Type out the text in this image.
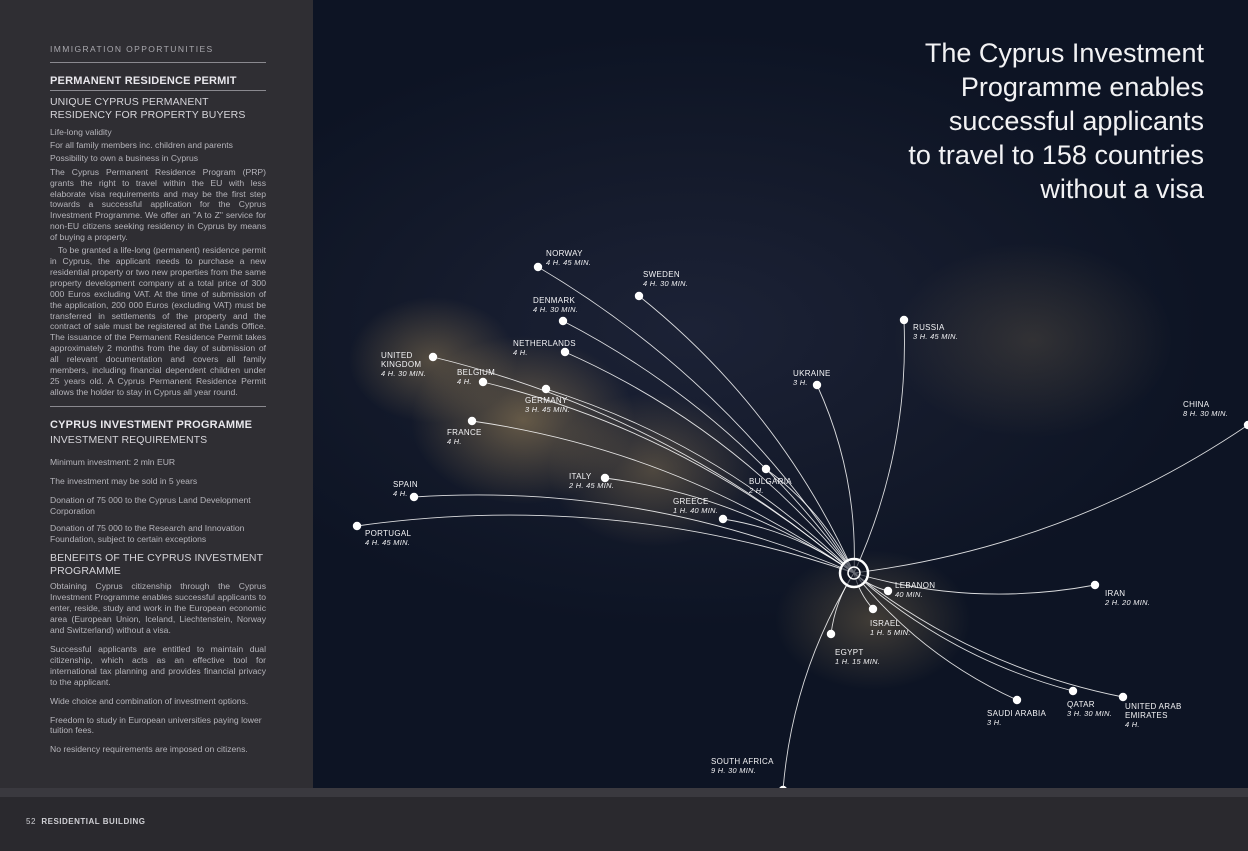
IMMIGRATION OPPORTUNITIES
PERMANENT RESIDENCE PERMIT
UNIQUE CYPRUS PERMANENT RESIDENCY FOR PROPERTY BUYERS
Life-long validity
For all family members inc. children and parents
Possibility to own a business in Cyprus
The Cyprus Permanent Residence Program (PRP) grants the right to travel within the EU with less elaborate visa requirements and may be the first step towards a successful application for the Cyprus Investment Programme. We offer an "A to Z" service for non-EU citizens seeking residency in Cyprus by means of buying a property.
To be granted a life-long (permanent) residence permit in Cyprus, the applicant needs to purchase a new residential property or two new properties from the same property development company at a total price of 300 000 Euros excluding VAT. At the time of submission of the application, 200 000 Euros (excluding VAT) must be transferred in settlements of the property and the contract of sale must be registered at the Lands Office. The issuance of the Permanent Residence Permit takes approximately 2 months from the day of submission of all relevant documentation and covers all family members, including financial dependent children under 25 years old. A Cyprus Permanent Residence Permit allows the holder to stay in Cyprus all year round.
CYPRUS INVESTMENT PROGRAMME
INVESTMENT REQUIREMENTS
Minimum investment: 2 mln EUR
The investment may be sold in 5 years
Donation of 75 000 to the Cyprus Land Development Corporation
Donation of 75 000 to the Research and Innovation Foundation, subject to certain exceptions
BENEFITS OF THE CYPRUS INVESTMENT PROGRAMME
Obtaining Cyprus citizenship through the Cyprus Investment Programme enables successful applicants to enter, reside, study and work in the European economic area (European Union, Iceland, Liechtenstein, Norway and Switzerland) without a visa.
Successful applicants are entitled to maintain dual citizenship, which acts as an effective tool for international tax planning and provides financial privacy to the applicant.
Wide choice and combination of investment options.
Freedom to study in European universities paying lower tuition fees.
No residency requirements are imposed on citizens.
The Cyprus Investment
Programme enables
successful applicants
to travel to 158 countries
without a visa
NORWAY
4 H. 45 MIN.
SWEDEN
4 H. 30 MIN.
DENMARK
4 H. 30 MIN.
NETHERLANDS
4 H.
UNITED
KINGDOM
4 H. 30 MIN.	BELGIUM
4 H.
GERMANY
3 H. 45 MIN.
FRANCE
4 H.
SPAIN
4 H.
PORTUGAL
4 H. 45 MIN.
ITALY
2 H. 45 MIN.
GREECE
1 H. 40 MIN.
BULGARIA
2 H.
UKRAINE
3 H.
RUSSIA
3 H. 45 MIN.
CHINA
8 H. 30 MIN.
IRAN
2 H. 20 MIN.
LEBANON
40 MIN.
ISRAEL
1 H. 5 MIN.
EGYPT
1 H. 15 MIN.
SAUDI ARABIA
3 H.
QATAR
3 H. 30 MIN.
UNITED ARAB
EMIRATES
4 H.
SOUTH AFRICA
9 H. 30 MIN.
52 RESIDENTIAL BUILDING
